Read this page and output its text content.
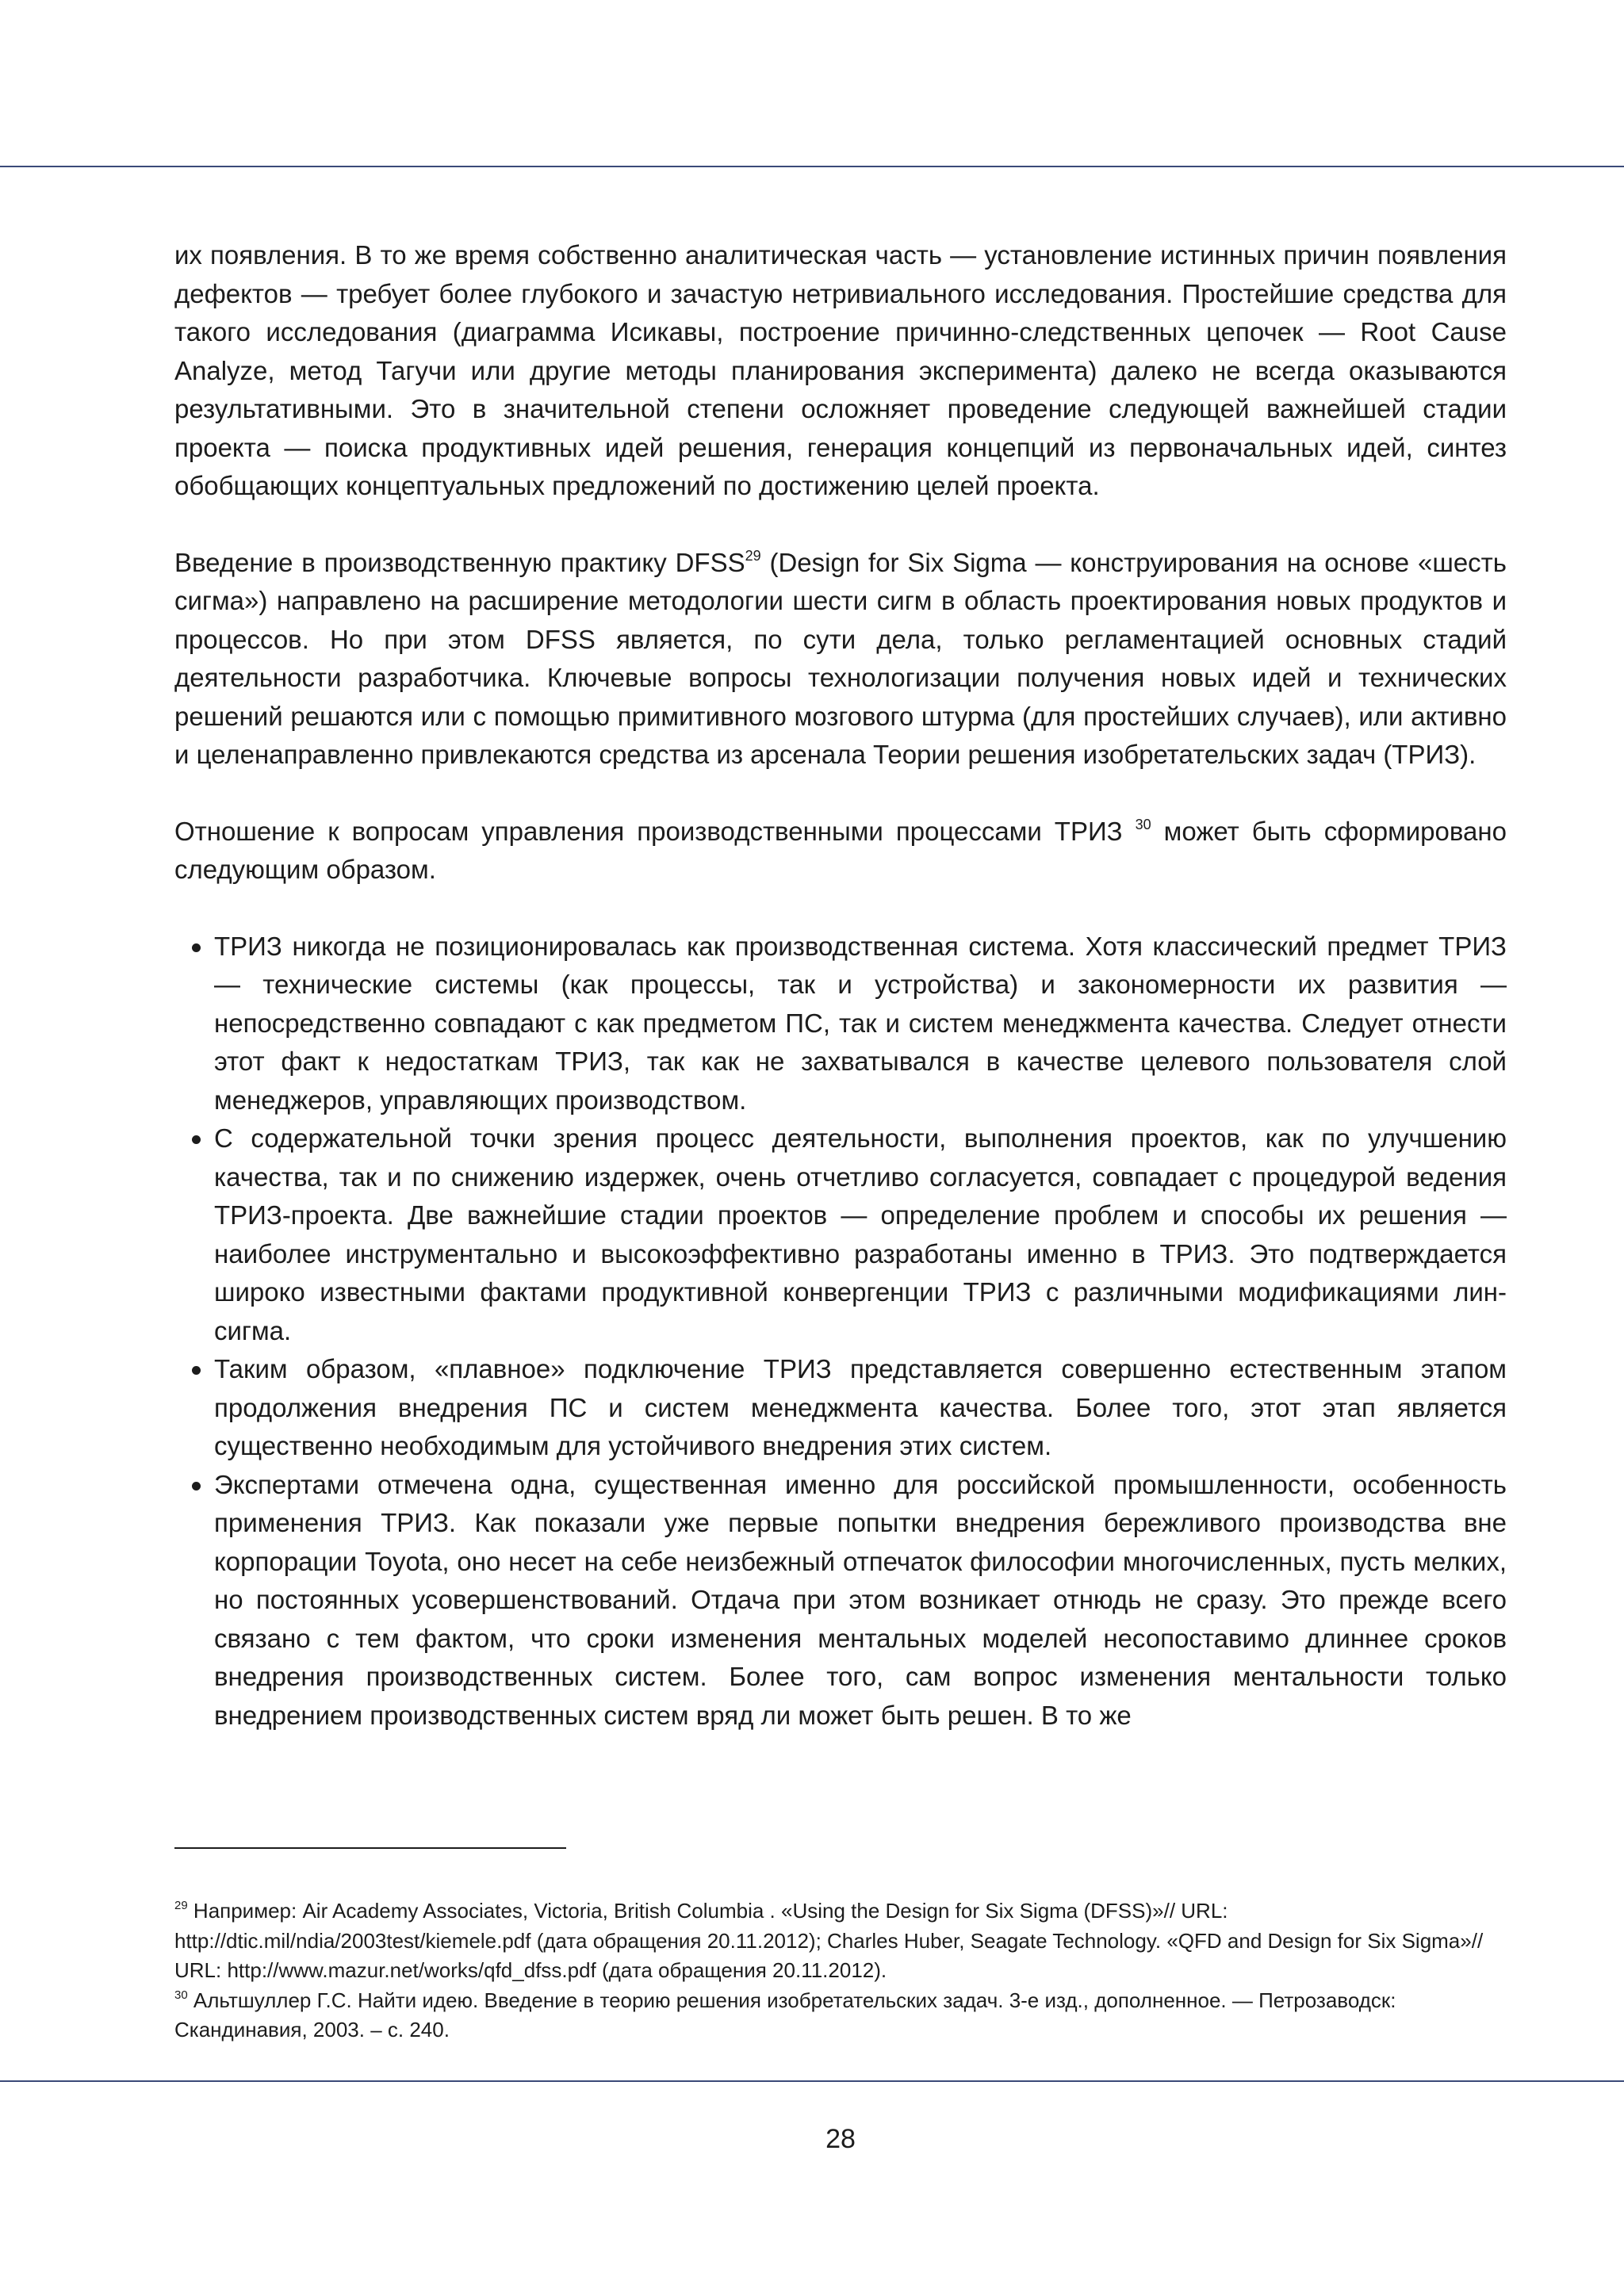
их появления. В то же время собственно аналитическая часть — установление истинных причин появления дефектов — требует более глубокого и зачастую нетривиального исследования. Простейшие средства для такого исследования (диаграмма Исикавы, построение причинно-следственных цепочек — Root Cause Analyze, метод Тагучи или другие методы планирования эксперимента) далеко не всегда оказываются результативными. Это в значительной степени осложняет проведение следующей важнейшей стадии проекта — поиска продуктивных идей решения, генерация концепций из первоначальных идей, синтез обобщающих концептуальных предложений по достижению целей проекта.

Введение в производственную практику DFSS$^{29}$ (Design for Six Sigma — конструирования на основе «шесть сигма») направлено на расширение методологии шести сигм в область проектирования новых продуктов и процессов. Но при этом DFSS является, по сути дела, только регламентацией основных стадий деятельности разработчика. Ключевые вопросы технологизации получения новых идей и технических решений решаются или с помощью примитивного мозгового штурма (для простейших случаев), или активно и целенаправленно привлекаются средства из арсенала Теории решения изобретательских задач (ТРИЗ).

Отношение к вопросам управления производственными процессами ТРИЗ $^{30}$ может быть сформировано следующим образом.

ТРИЗ никогда не позиционировалась как производственная система. Хотя классический предмет ТРИЗ — технические системы (как процессы, так и устройства) и закономерности их развития — непосредственно совпадают с как предметом ПС, так и систем менеджмента качества. Следует отнести этот факт к недостаткам ТРИЗ, так как не захватывался в качестве целевого пользователя слой менеджеров, управляющих производством.
С содержательной точки зрения процесс деятельности, выполнения проектов, как по улучшению качества, так и по снижению издержек, очень отчетливо согласуется, совпадает с процедурой ведения ТРИЗ-проекта. Две важнейшие стадии проектов — определение проблем и способы их решения — наиболее инструментально и высокоэффективно разработаны именно в ТРИЗ. Это подтверждается широко известными фактами продуктивной конвергенции ТРИЗ с различными модификациями лин-сигма.
Таким образом, «плавное» подключение ТРИЗ представляется совершенно естественным этапом продолжения внедрения ПС и систем менеджмента качества. Более того, этот этап является существенно необходимым для устойчивого внедрения этих систем.
Экспертами отмечена одна, существенная именно для российской промышленности, особенность применения ТРИЗ. Как показали уже первые попытки внедрения бережливого производства вне корпорации Toyota, оно несет на себе неизбежный отпечаток философии многочисленных, пусть мелких, но постоянных усовершенствований. Отдача при этом возникает отнюдь не сразу. Это прежде всего связано с тем фактом, что сроки изменения ментальных моделей несопоставимо длиннее сроков внедрения производственных систем. Более того, сам вопрос изменения ментальности только внедрением производственных систем вряд ли может быть решен. В то же

$^{29}$ Например: Air Academy Associates, Victoria, British Columbia . «Using the Design for Six Sigma (DFSS)»// URL: http://dtic.mil/ndia/2003test/kiemele.pdf (дата обращения 20.11.2012); Charles Huber, Seagate Technology. «QFD and Design for Six Sigma»// URL: http://www.mazur.net/works/qfd_dfss.pdf (дата обращения 20.11.2012).

$^{30}$ Альтшуллер Г.С. Найти идею. Введение в теорию решения изобретательских задач. 3-е изд., дополненное. — Петрозаводск: Скандинавия, 2003. – с. 240.

28
